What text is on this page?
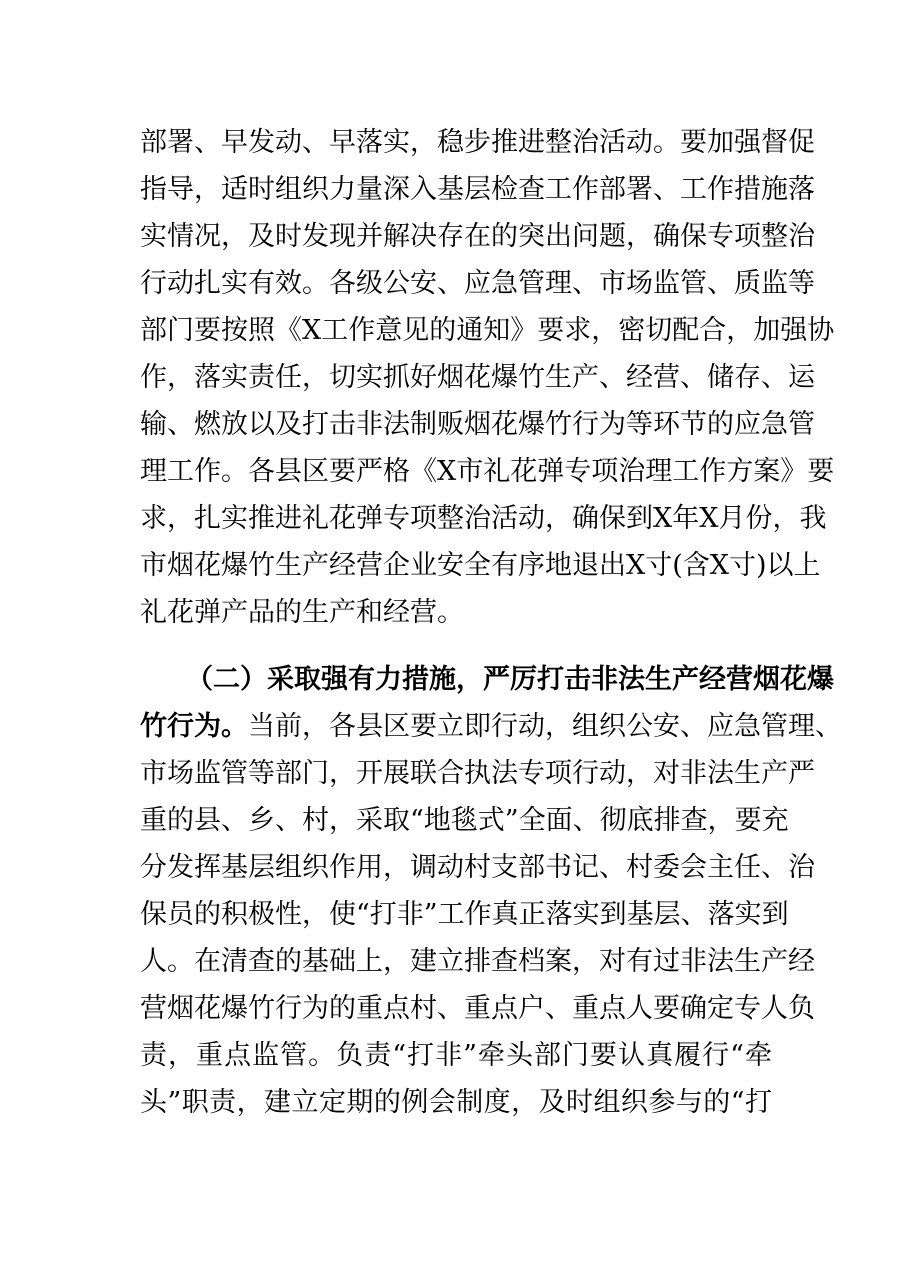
部署、早发动、早落实，稳步推进整治活动。要加强督促
指导，适时组织力量深入基层检查工作部署、工作措施落
实情况，及时发现并解决存在的突出问题，确保专项整治
行动扎实有效。各级公安、应急管理、市场监管、质监等
部门要按照《X工作意见的通知》要求，密切配合，加强协
作，落实责任，切实抓好烟花爆竹生产、经营、储存、运
输、燃放以及打击非法制贩烟花爆竹行为等环节的应急管
理工作。各县区要严格《X市礼花弹专项治理工作方案》要
求，扎实推进礼花弹专项整治活动，确保到X年X月份，我
市烟花爆竹生产经营企业安全有序地退出X寸(含X寸)以上
礼花弹产品的生产和经营。
（二）采取强有力措施，严厉打击非法生产经营烟花爆
竹行为。当前，各县区要立即行动，组织公安、应急管理、
市场监管等部门，开展联合执法专项行动，对非法生产严
重的县、乡、村，采取“地毯式”全面、彻底排查，要充
分发挥基层组织作用，调动村支部书记、村委会主任、治
保员的积极性，使“打非”工作真正落实到基层、落实到
人。在清查的基础上，建立排查档案，对有过非法生产经
营烟花爆竹行为的重点村、重点户、重点人要确定专人负
责，重点监管。负责“打非”牵头部门要认真履行“牵
头”职责，建立定期的例会制度，及时组织参与的“打
